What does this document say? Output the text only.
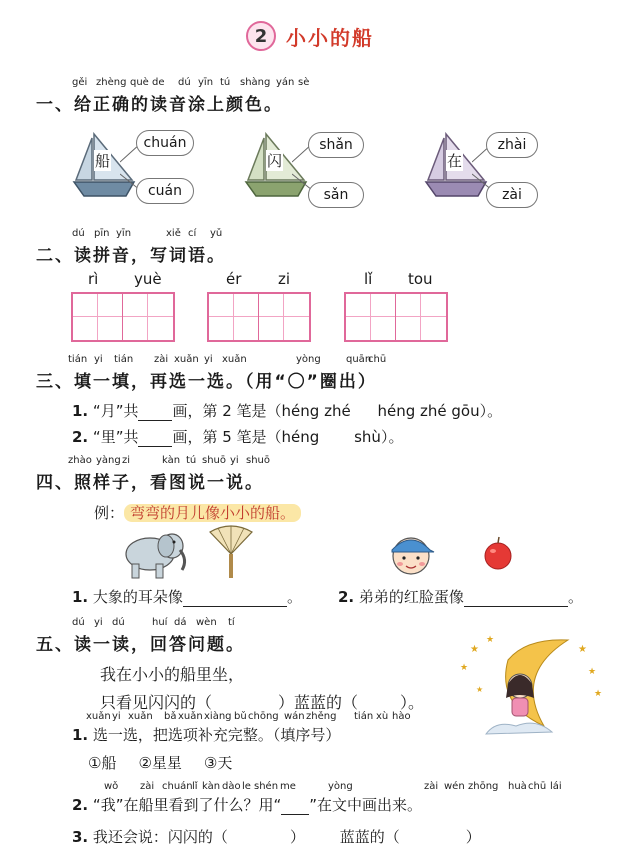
2 小小的船
gěi zhèng què de	dú yīn tú shàng yán sè
一、给正确的读音涂上颜色。
船
chuán
cuán
闪
shǎn
sǎn
在
zhài
zài
dú pīn yīn	xiě cí	yǔ
二、读拼音，写词语。
rì yuè	ér zi	lǐ tou
tián yi	tián	zài xuǎn yi xuǎn	yòng	quān
chū
三、填一填，再选一选。（用“〇”圈出）
1. “月”共 画，第 2 笔是（héng zhé héng zhé gōu）。
2. “里”共 画，第 5 笔是（héng shù）。
zhào yàng zi	kàn tú shuō yi shuō
四、照样子，看图说一说。
例： 弯弯的月儿像小小的船。
1. 大象的耳朵像	。 2. 弟弟的红脸蛋像	。
dú yi dú	huí dá wèn	tí
五、读一读，回答问题。	★
★
★
★
★
★
★
我在小小的船里坐，
只看见闪闪的（	）蓝蓝的（	）。
xuǎn yi xuǎn	bǎ xuǎn xiàng bǔ chōng wán zhěng	tián xù hào
1. 选一选，把选项补充完整。（填序号）
①船 ②星星 ③天
wǒ	zài chuán lǐ kàn dào le shén me	yòng	zài wén zhōng huà chū lái
2. “我”在船里看到了什么？用“ ”在文中画出来。
3. 我还会说：闪闪的（	） 蓝蓝的（	）
